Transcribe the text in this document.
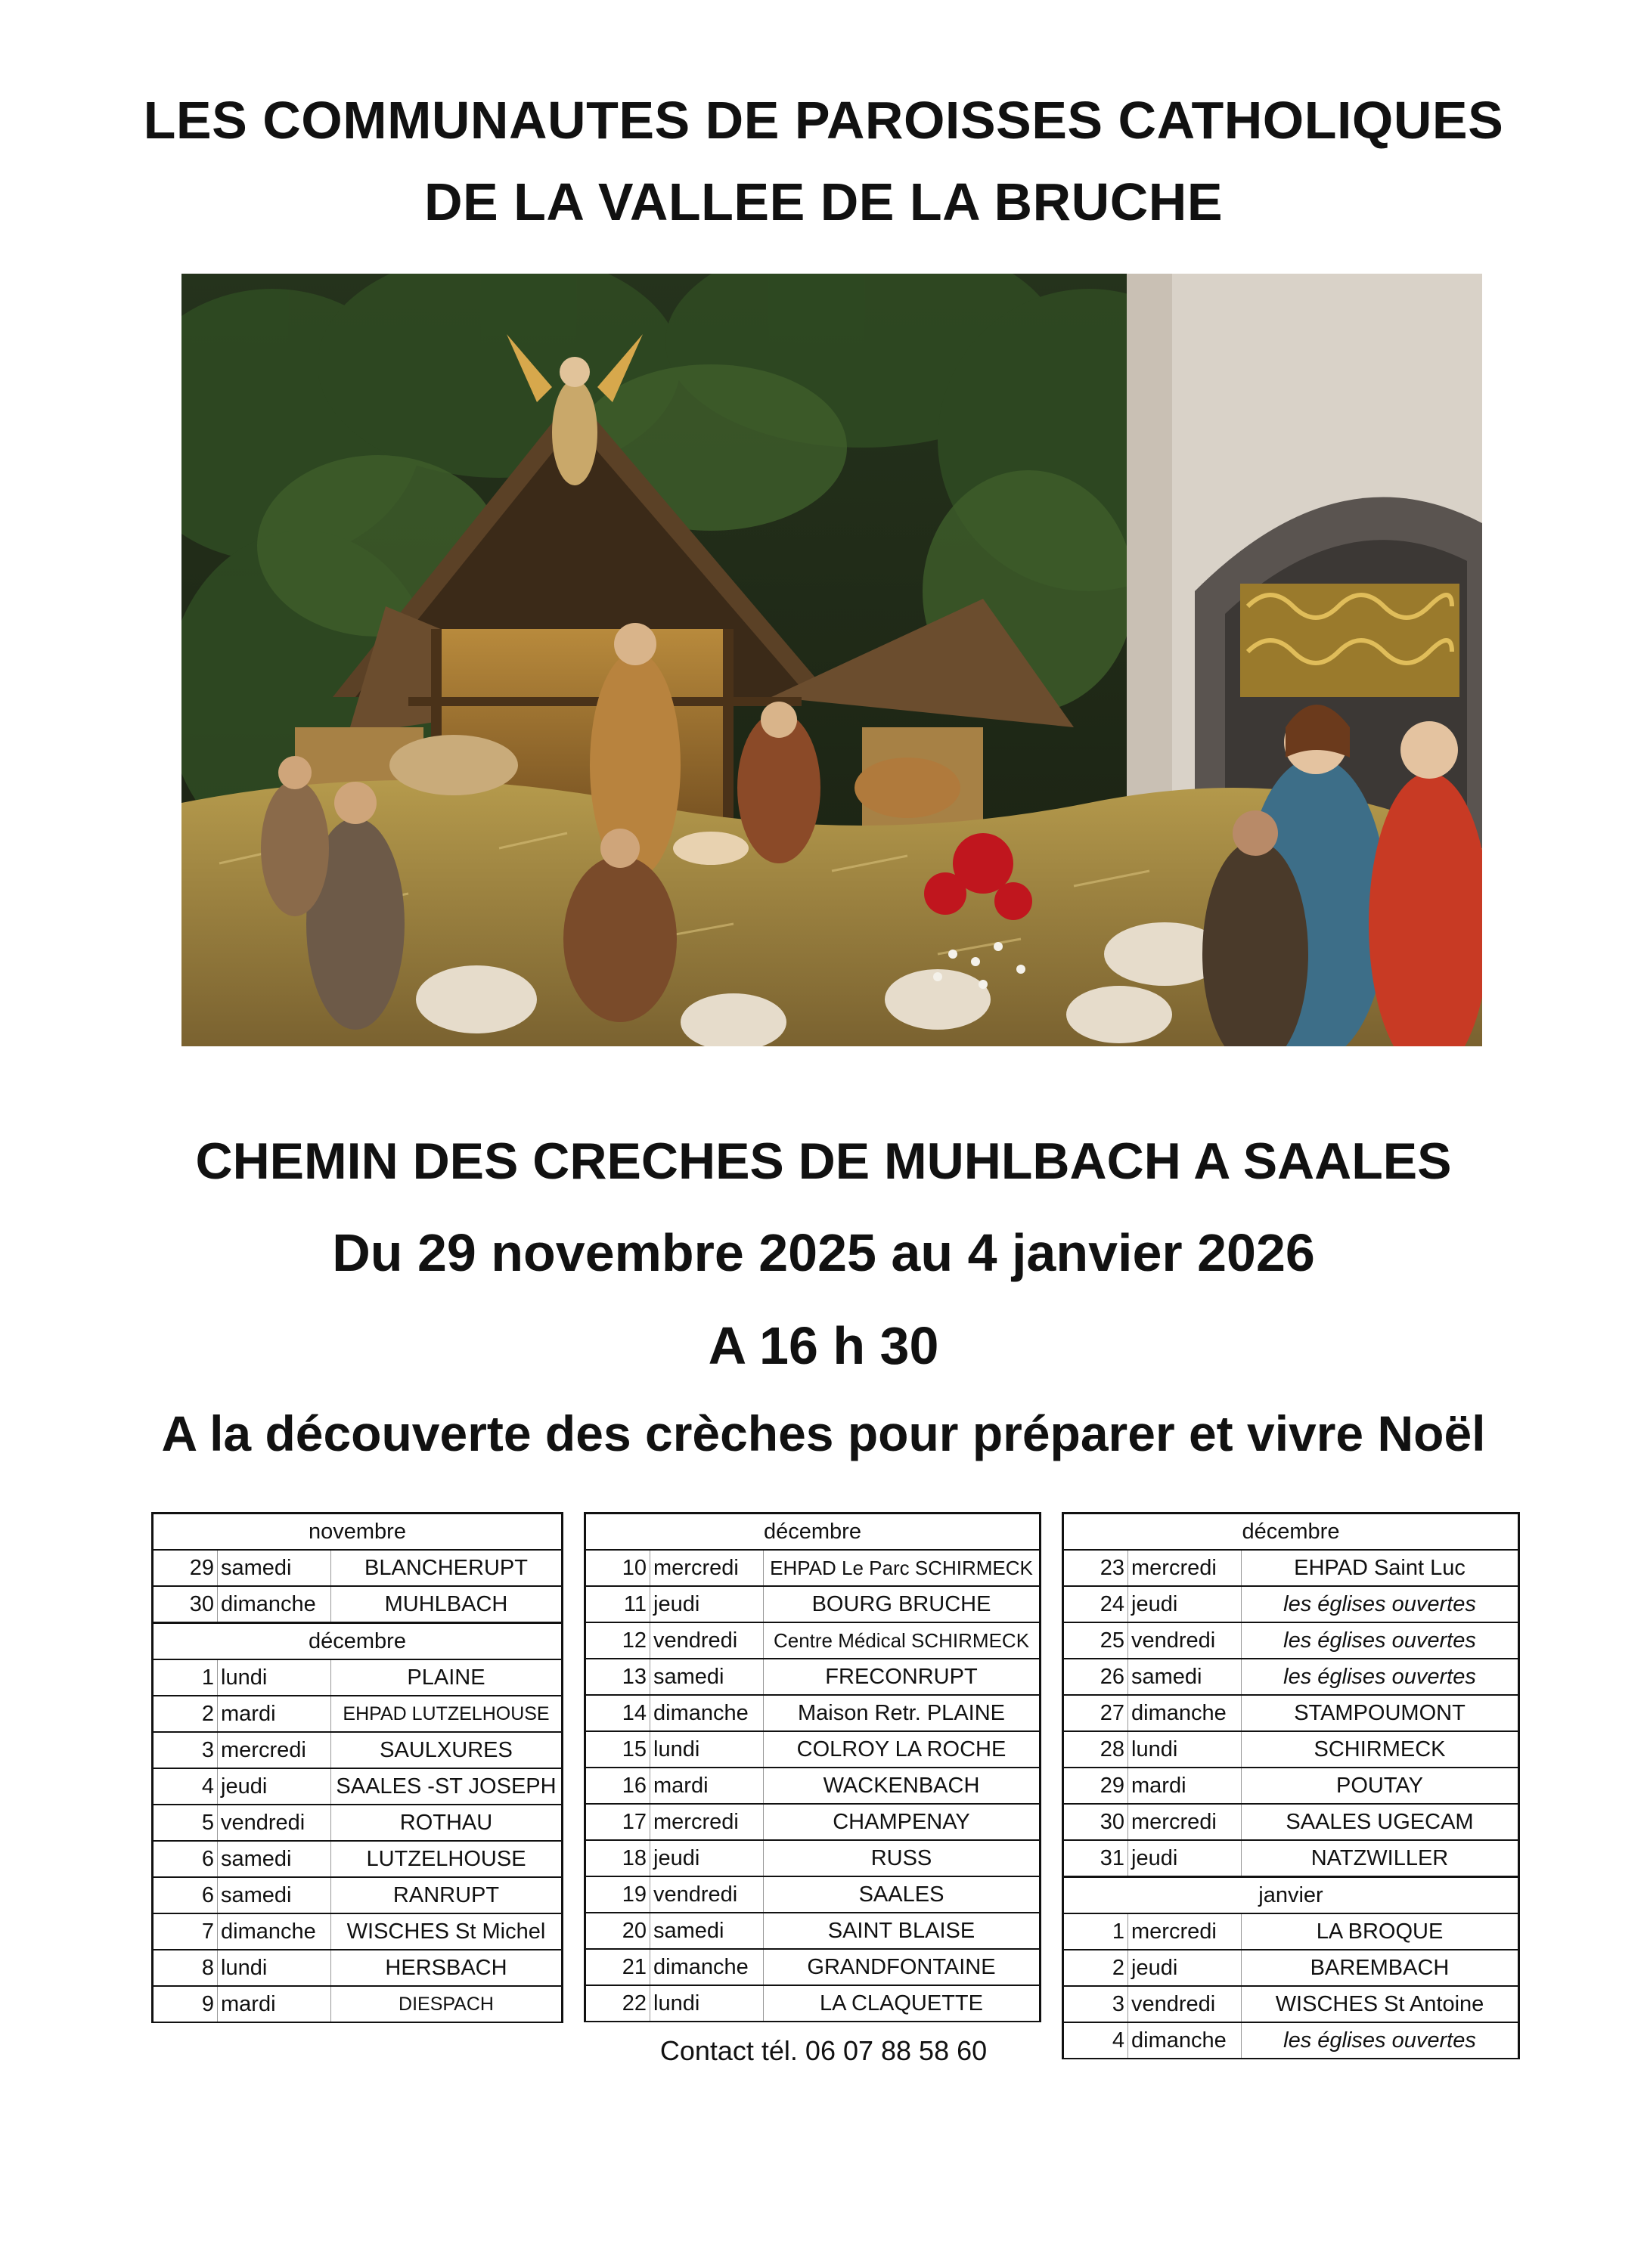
LES COMMUNAUTES DE PAROISSES CATHOLIQUES
DE LA VALLEE DE LA BRUCHE
CHEMIN DES CRECHES DE MUHLBACH A SAALES
Du 29 novembre 2025 au 4 janvier 2026
A 16 h 30
A la découverte des crèches pour préparer et vivre Noël
novembre		
29	samedi	BLANCHERUPT
30	dimanche	MUHLBACH
décembre		
1	lundi	PLAINE
2	mardi	EHPAD LUTZELHOUSE
3	mercredi	SAULXURES
4	jeudi	SAALES -ST JOSEPH
5	vendredi	ROTHAU
6	samedi	LUTZELHOUSE
6	samedi	RANRUPT
7	dimanche	WISCHES St Michel
8	lundi	HERSBACH
9	mardi	DIESPACH
décembre		
10	mercredi	EHPAD Le Parc SCHIRMECK
11	jeudi	BOURG BRUCHE
12	vendredi	Centre Médical SCHIRMECK
13	samedi	FRECONRUPT
14	dimanche	Maison Retr. PLAINE
15	lundi	COLROY LA ROCHE
16	mardi	WACKENBACH
17	mercredi	CHAMPENAY
18	jeudi	RUSS
19	vendredi	SAALES
20	samedi	SAINT BLAISE
21	dimanche	GRANDFONTAINE
22	lundi	LA CLAQUETTE
décembre		
23	mercredi	EHPAD Saint Luc
24	jeudi	les églises ouvertes
25	vendredi	les églises ouvertes
26	samedi	les églises ouvertes
27	dimanche	STAMPOUMONT
28	lundi	SCHIRMECK
29	mardi	POUTAY
30	mercredi	SAALES UGECAM
31	jeudi	NATZWILLER
janvier		
1	mercredi	LA BROQUE
2	jeudi	BAREMBACH
3	vendredi	WISCHES St Antoine
4	dimanche	les églises ouvertes
Contact tél. 06 07 88 58 60
